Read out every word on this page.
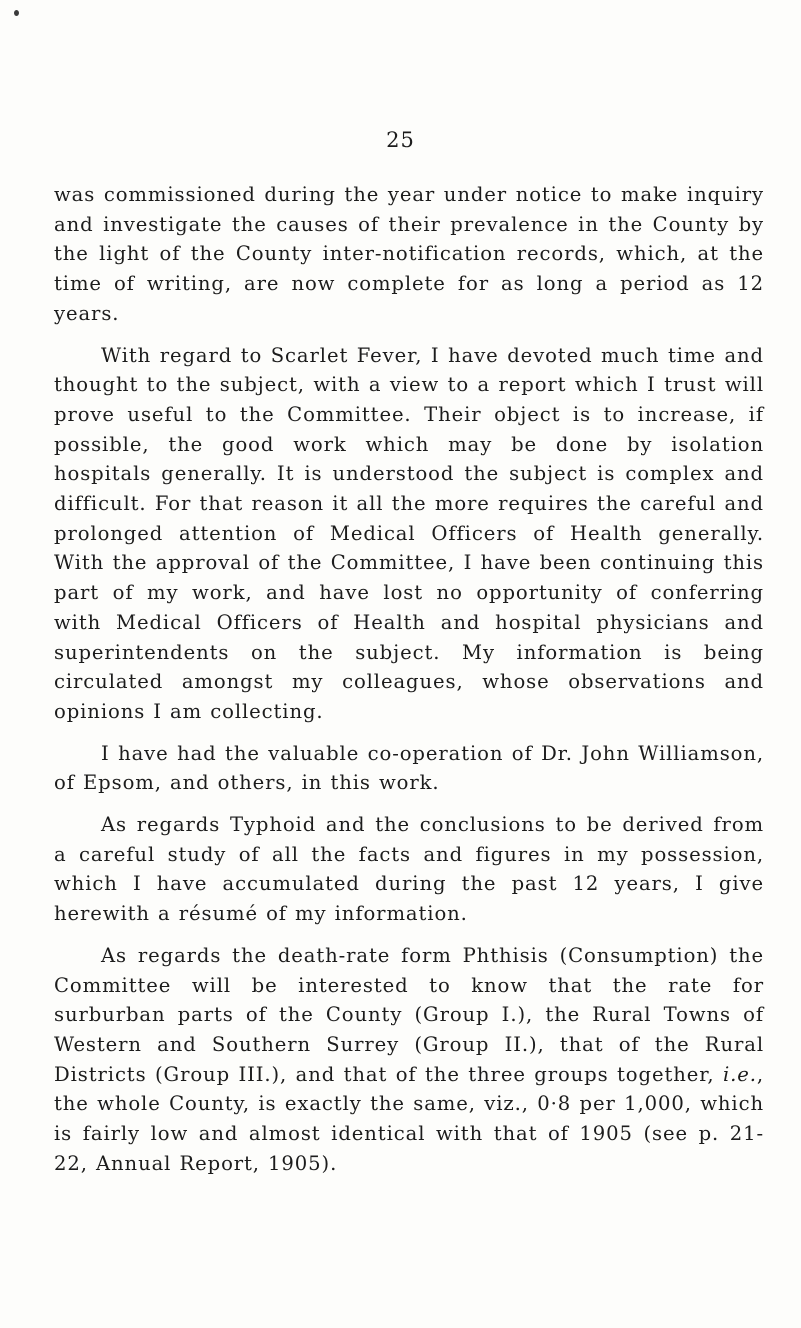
25

was commissioned during the year under notice to make inquiry and investigate the causes of their prevalence in the County by the light of the County inter-notification records, which, at the time of writing, are now complete for as long a period as 12 years.

With regard to Scarlet Fever, I have devoted much time and thought to the subject, with a view to a report which I trust will prove useful to the Committee. Their object is to increase, if possible, the good work which may be done by isolation hospitals generally. It is understood the subject is complex and difficult. For that reason it all the more requires the careful and prolonged attention of Medical Officers of Health generally. With the approval of the Committee, I have been continuing this part of my work, and have lost no opportunity of conferring with Medical Officers of Health and hospital physicians and superintendents on the subject. My information is being circulated amongst my colleagues, whose observations and opinions I am collecting.

I have had the valuable co-operation of Dr. John Williamson, of Epsom, and others, in this work.

As regards Typhoid and the conclusions to be derived from a careful study of all the facts and figures in my possession, which I have accumulated during the past 12 years, I give herewith a résumé of my information.

As regards the death-rate form Phthisis (Consumption) the Committee will be interested to know that the rate for surburban parts of the County (Group I.), the Rural Towns of Western and Southern Surrey (Group II.), that of the Rural Districts (Group III.), and that of the three groups together, i.e., the whole County, is exactly the same, viz., 0·8 per 1,000, which is fairly low and almost identical with that of 1905 (see p. 21-22, Annual Report, 1905).
